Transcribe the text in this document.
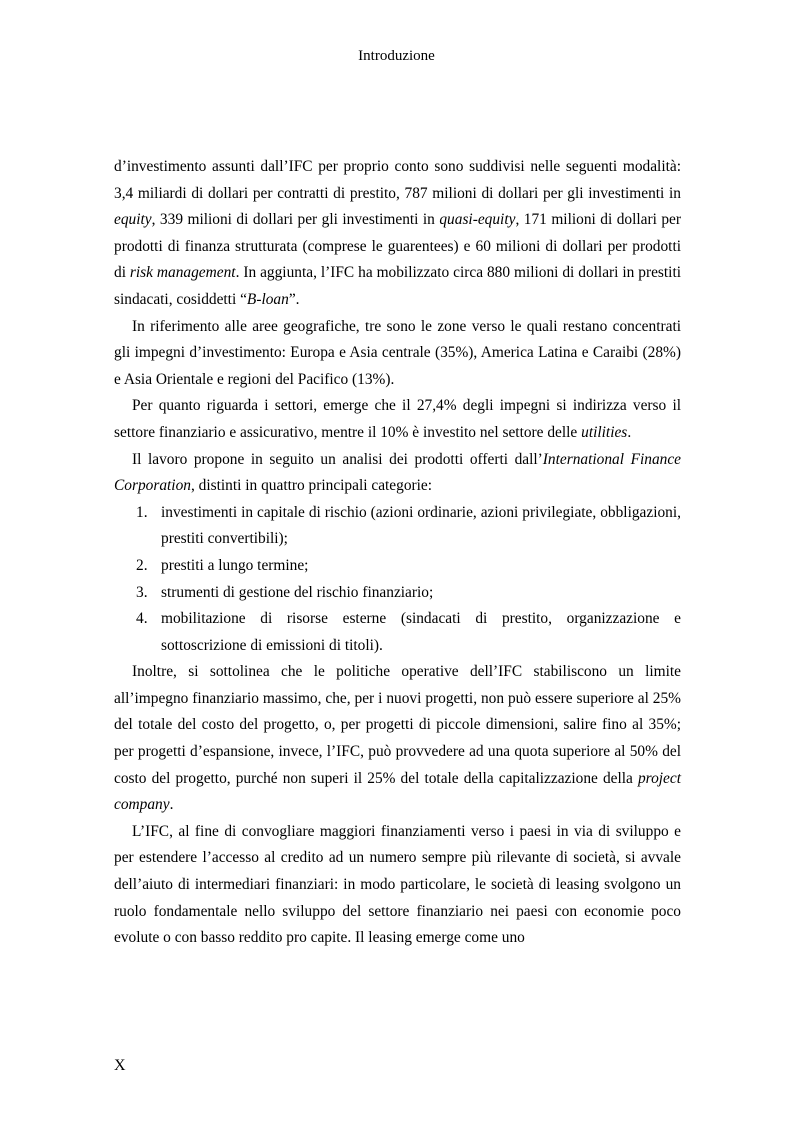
Introduzione

d’investimento assunti dall’IFC per proprio conto sono suddivisi nelle seguenti modalità: 3,4 miliardi di dollari per contratti di prestito, 787 milioni di dollari per gli investimenti in equity, 339 milioni di dollari per gli investimenti in quasi-equity, 171 milioni di dollari per prodotti di finanza strutturata (comprese le guarentees) e 60 milioni di dollari per prodotti di risk management. In aggiunta, l’IFC ha mobilizzato circa 880 milioni di dollari in prestiti sindacati, cosiddetti “B-loan”.

In riferimento alle aree geografiche, tre sono le zone verso le quali restano concentrati gli impegni d’investimento: Europa e Asia centrale (35%), America Latina e Caraibi (28%) e Asia Orientale e regioni del Pacifico (13%).

Per quanto riguarda i settori, emerge che il 27,4% degli impegni si indirizza verso il settore finanziario e assicurativo, mentre il 10% è investito nel settore delle utilities.

Il lavoro propone in seguito un analisi dei prodotti offerti dall’International Finance Corporation, distinti in quattro principali categorie:

1. investimenti in capitale di rischio (azioni ordinarie, azioni privilegiate, obbligazioni, prestiti convertibili);
2. prestiti a lungo termine;
3. strumenti di gestione del rischio finanziario;
4. mobilitazione di risorse esterne (sindacati di prestito, organizzazione e sottoscrizione di emissioni di titoli).

Inoltre, si sottolinea che le politiche operative dell’IFC stabiliscono un limite all’impegno finanziario massimo, che, per i nuovi progetti, non può essere superiore al 25% del totale del costo del progetto, o, per progetti di piccole dimensioni, salire fino al 35%; per progetti d’espansione, invece, l’IFC, può provvedere ad una quota superiore al 50% del costo del progetto, purché non superi il 25% del totale della capitalizzazione della project company.

L’IFC, al fine di convogliare maggiori finanziamenti verso i paesi in via di sviluppo e per estendere l’accesso al credito ad un numero sempre più rilevante di società, si avvale dell’aiuto di intermediari finanziari: in modo particolare, le società di leasing svolgono un ruolo fondamentale nello sviluppo del settore finanziario nei paesi con economie poco evolute o con basso reddito pro capite. Il leasing emerge come uno

X
